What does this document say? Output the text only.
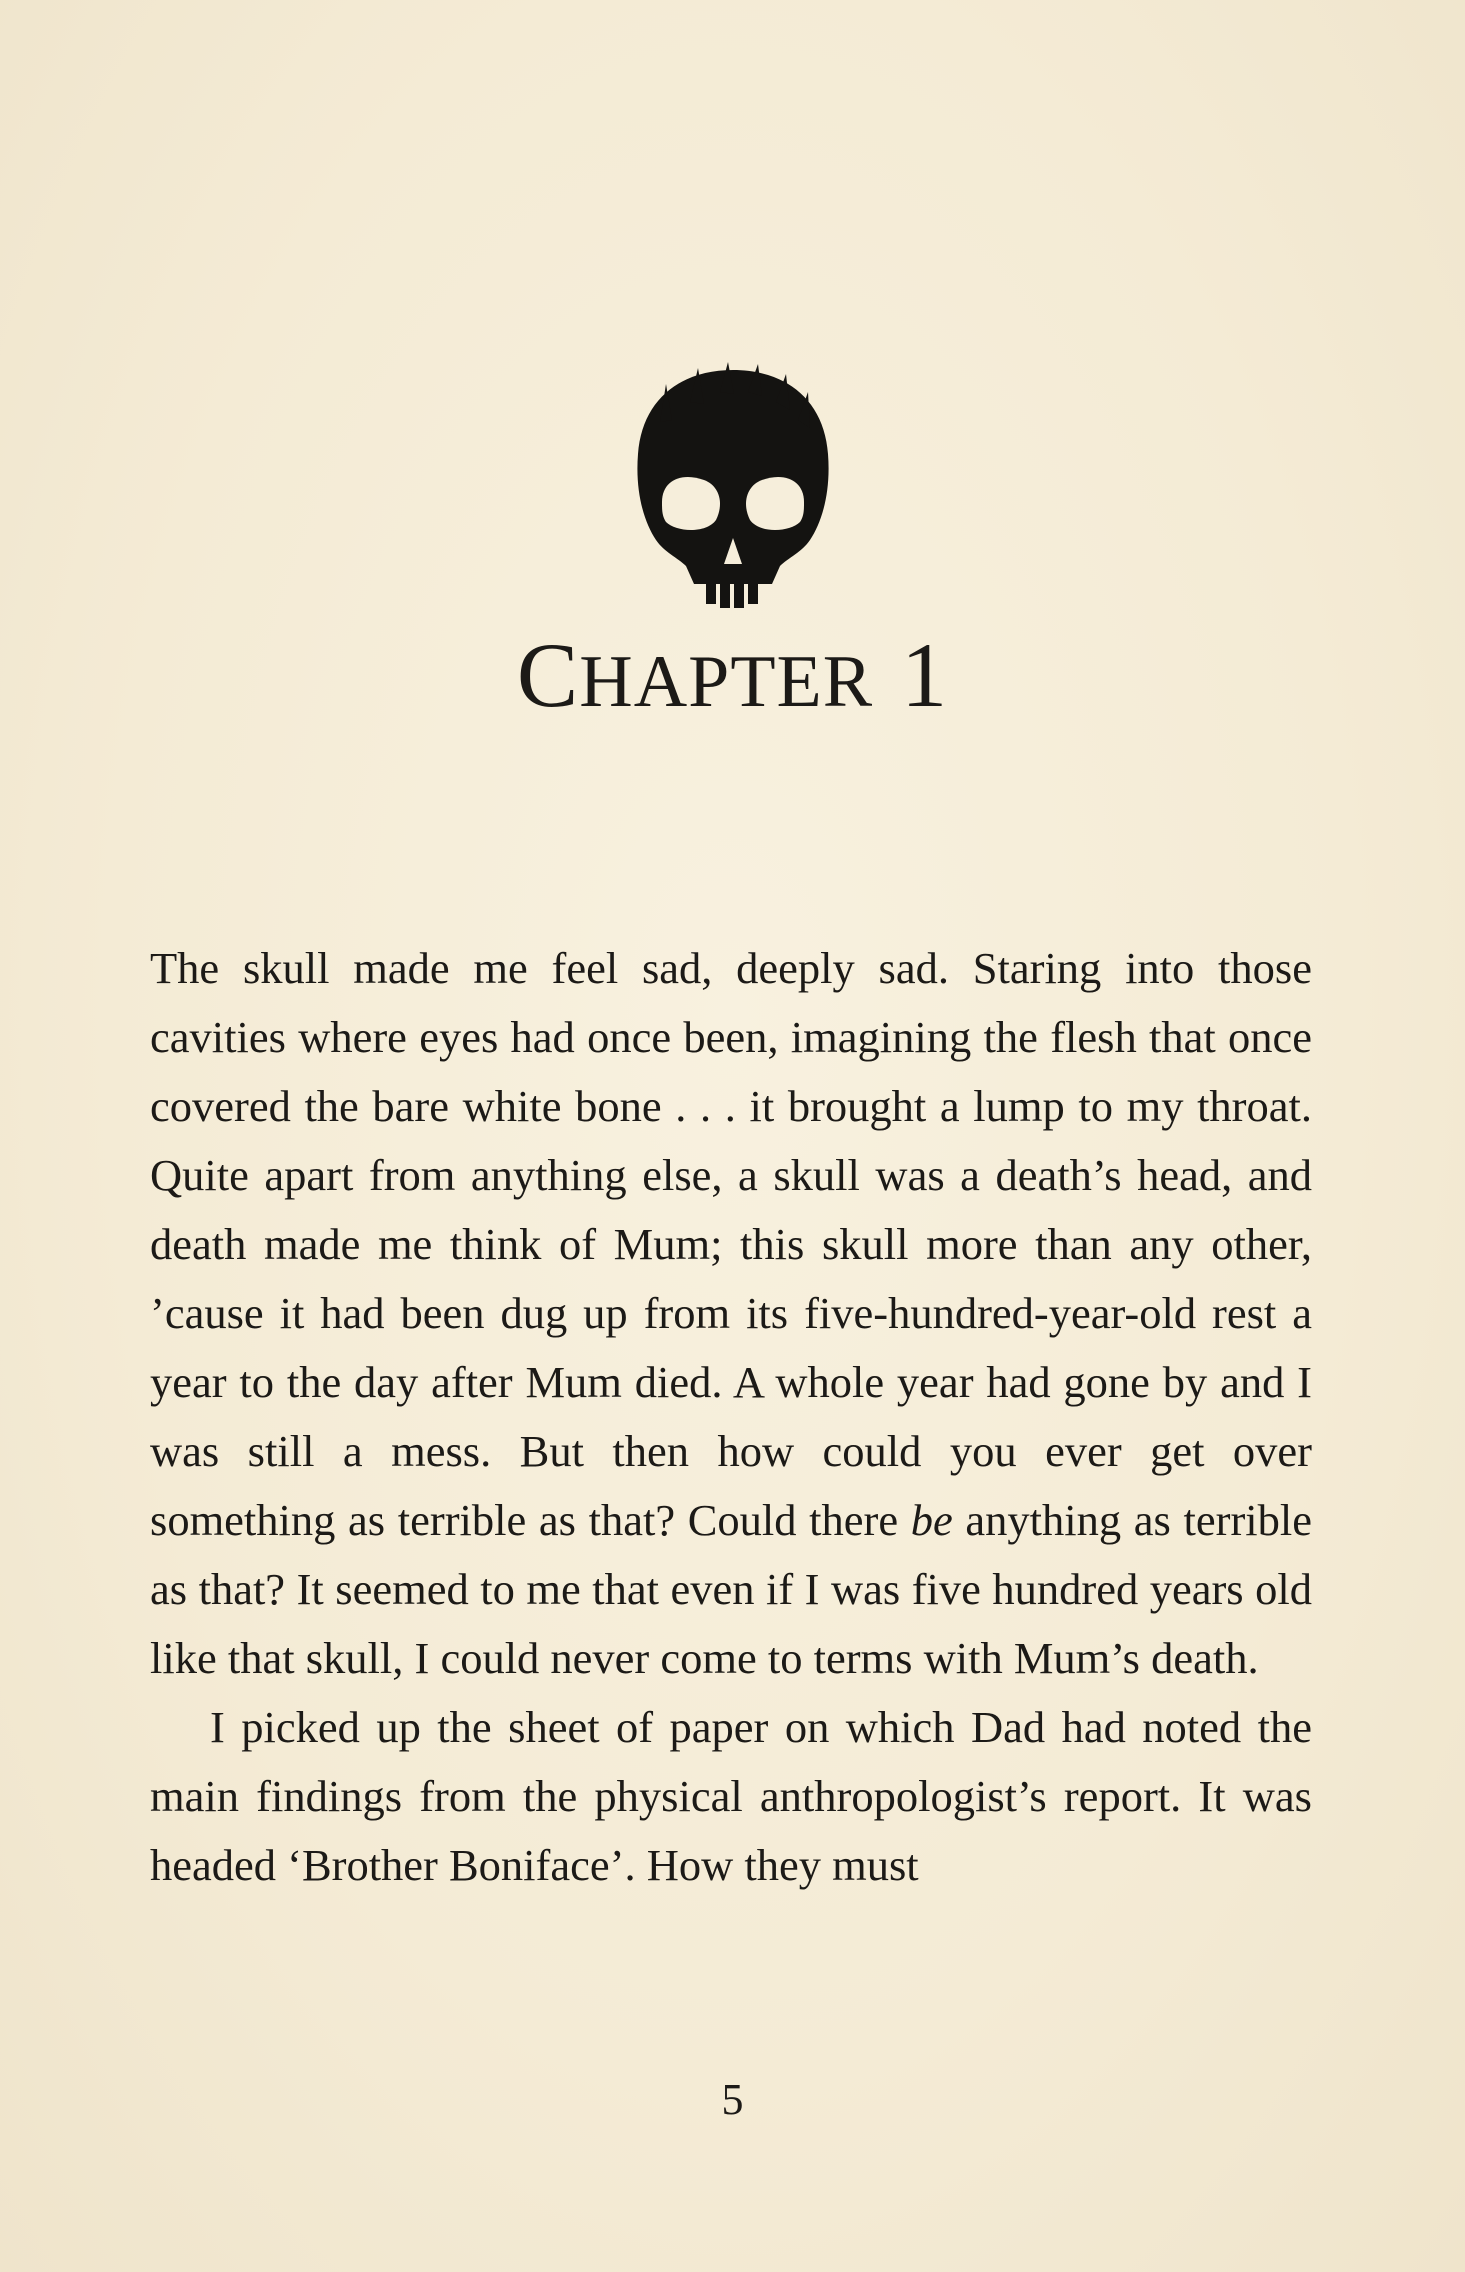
CHAPTER 1

The skull made me feel sad, deeply sad. Staring into those cavities where eyes had once been, imagining the flesh that once covered the bare white bone . . . it brought a lump to my throat. Quite apart from anything else, a skull was a death’s head, and death made me think of Mum; this skull more than any other, ’cause it had been dug up from its five-hundred-year-old rest a year to the day after Mum died. A whole year had gone by and I was still a mess. But then how could you ever get over something as terrible as that? Could there be anything as terrible as that? It seemed to me that even if I was five hundred years old like that skull, I could never come to terms with Mum’s death.

I picked up the sheet of paper on which Dad had noted the main findings from the physical anthropologist’s report. It was headed ‘Brother Boniface’. How they must

5
